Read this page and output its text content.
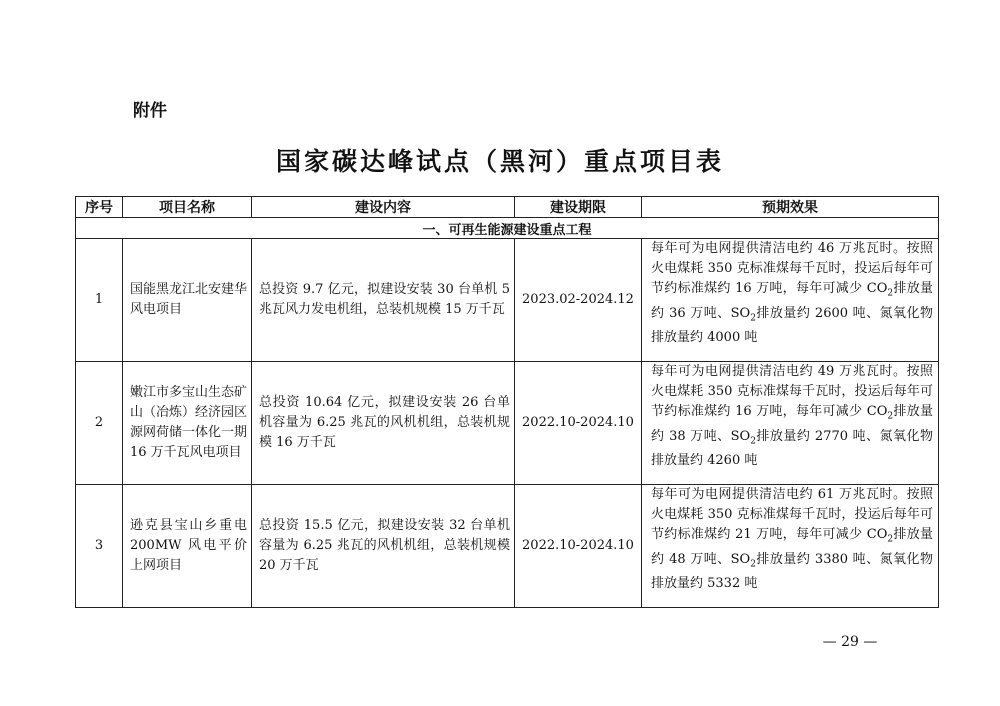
附件
国家碳达峰试点（黑河）重点项目表
序号	项目名称	建设内容	建设期限	预期效果
一、可再生能源建设重点工程				
1	国能黑龙江北安建华风电项目	总投资 9.7 亿元，拟建设安装 30 台单机 5 兆瓦风力发电机组，总装机规模 15 万千瓦	2023.02-2024.12	每年可为电网提供清洁电约 46 万兆瓦时。按照火电煤耗 350 克标准煤每千瓦时，投运后每年可节约标准煤约 16 万吨，每年可减少 $CO_2$排放量约 36 万吨、$SO_2$排放量约 2600 吨、氮氧化物排放量约 4000 吨
2	嫩江市多宝山生态矿山（冶炼）经济园区源网荷储一体化一期 16 万千瓦风电项目	总投资 10.64 亿元，拟建设安装 26 台单机容量为 6.25 兆瓦的风机机组，总装机规模 16 万千瓦	2022.10-2024.10	每年可为电网提供清洁电约 49 万兆瓦时。按照火电煤耗 350 克标准煤每千瓦时，投运后每年可节约标准煤约 16 万吨，每年可减少 $CO_2$排放量约 38 万吨、$SO_2$排放量约 2770 吨、氮氧化物排放量约 4260 吨
3	逊克县宝山乡重电 200MW 风电平价上网项目	总投资 15.5 亿元，拟建设安装 32 台单机容量为 6.25 兆瓦的风机机组，总装机规模 20 万千瓦	2022.10-2024.10	每年可为电网提供清洁电约 61 万兆瓦时。按照火电煤耗 350 克标准煤每千瓦时，投运后每年可节约标准煤约 21 万吨，每年可减少 $CO_2$排放量约 48 万吨、$SO_2$排放量约 3380 吨、氮氧化物排放量约 5332 吨
— 29 —
